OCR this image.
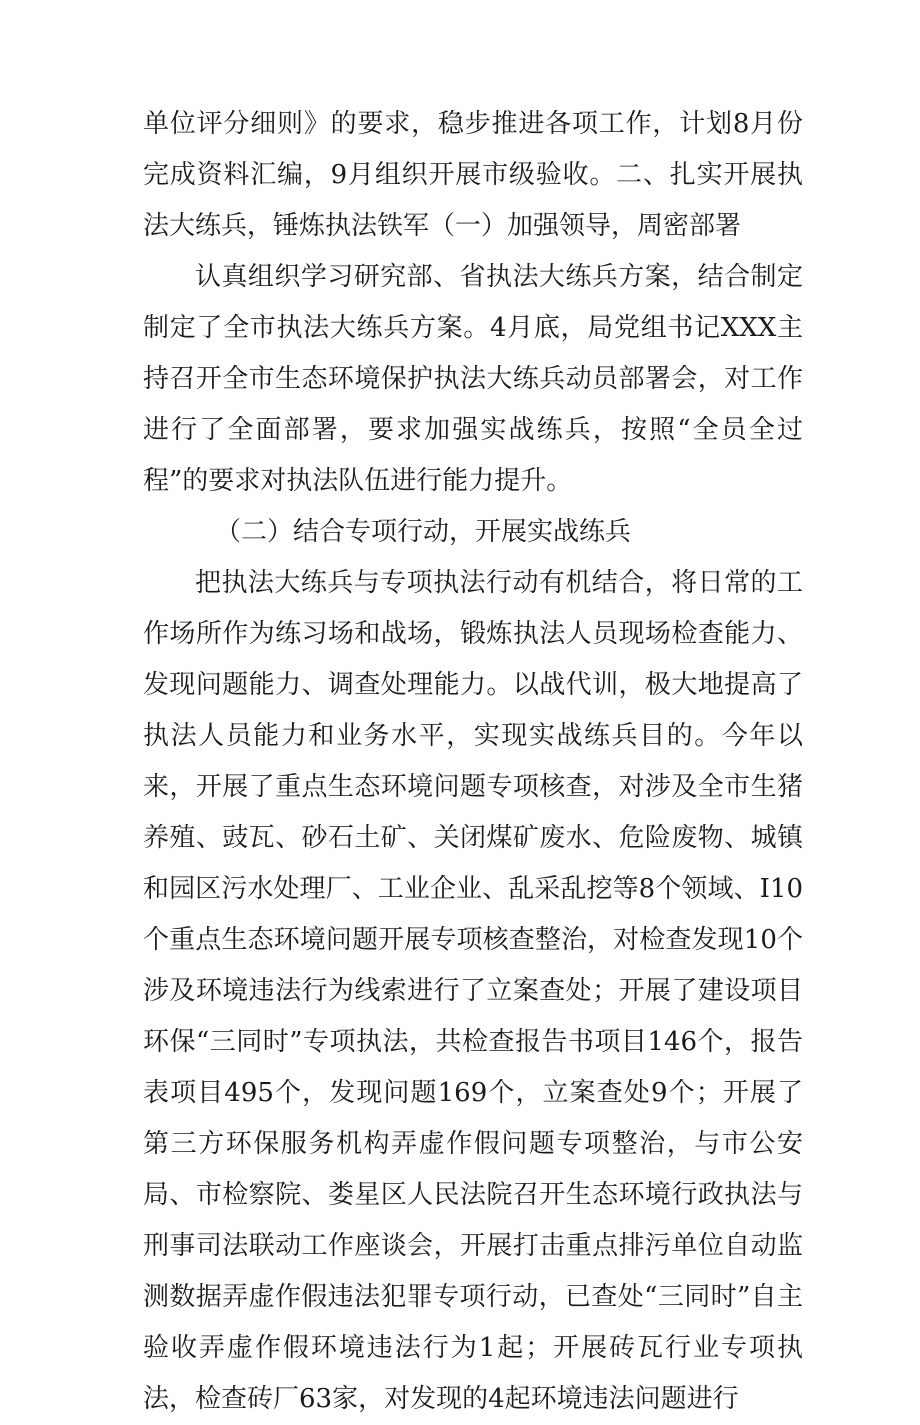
单位评分细则》的要求，稳步推进各项工作，计划8月份完成资料汇编，9月组织开展市级验收。二、扎实开展执法大练兵，锤炼执法铁军（一）加强领导，周密部署

认真组织学习研究部、省执法大练兵方案，结合制定制定了全市执法大练兵方案。4月底，局党组书记XXX主持召开全市生态环境保护执法大练兵动员部署会，对工作进行了全面部署，要求加强实战练兵，按照“全员全过程”的要求对执法队伍进行能力提升。

（二）结合专项行动，开展实战练兵

把执法大练兵与专项执法行动有机结合，将日常的工作场所作为练习场和战场，锻炼执法人员现场检查能力、发现问题能力、调查处理能力。以战代训，极大地提高了执法人员能力和业务水平，实现实战练兵目的。今年以来，开展了重点生态环境问题专项核查，对涉及全市生猪养殖、豉瓦、砂石土矿、关闭煤矿废水、危险废物、城镇和园区污水处理厂、工业企业、乱采乱挖等8个领域、I10个重点生态环境问题开展专项核查整治，对检查发现10个涉及环境违法行为线索进行了立案查处；开展了建设项目环保“三同时”专项执法，共检查报告书项目146个，报告表项目495个，发现问题169个，立案查处9个；开展了第三方环保服务机构弄虚作假问题专项整治，与市公安局、市检察院、娄星区人民法院召开生态环境行政执法与刑事司法联动工作座谈会，开展打击重点排污单位自动监测数据弄虚作假违法犯罪专项行动，已查处“三同时”自主验收弄虚作假环境违法行为1起；开展砖瓦行业专项执法，检查砖厂63家，对发现的4起环境违法问题进行
